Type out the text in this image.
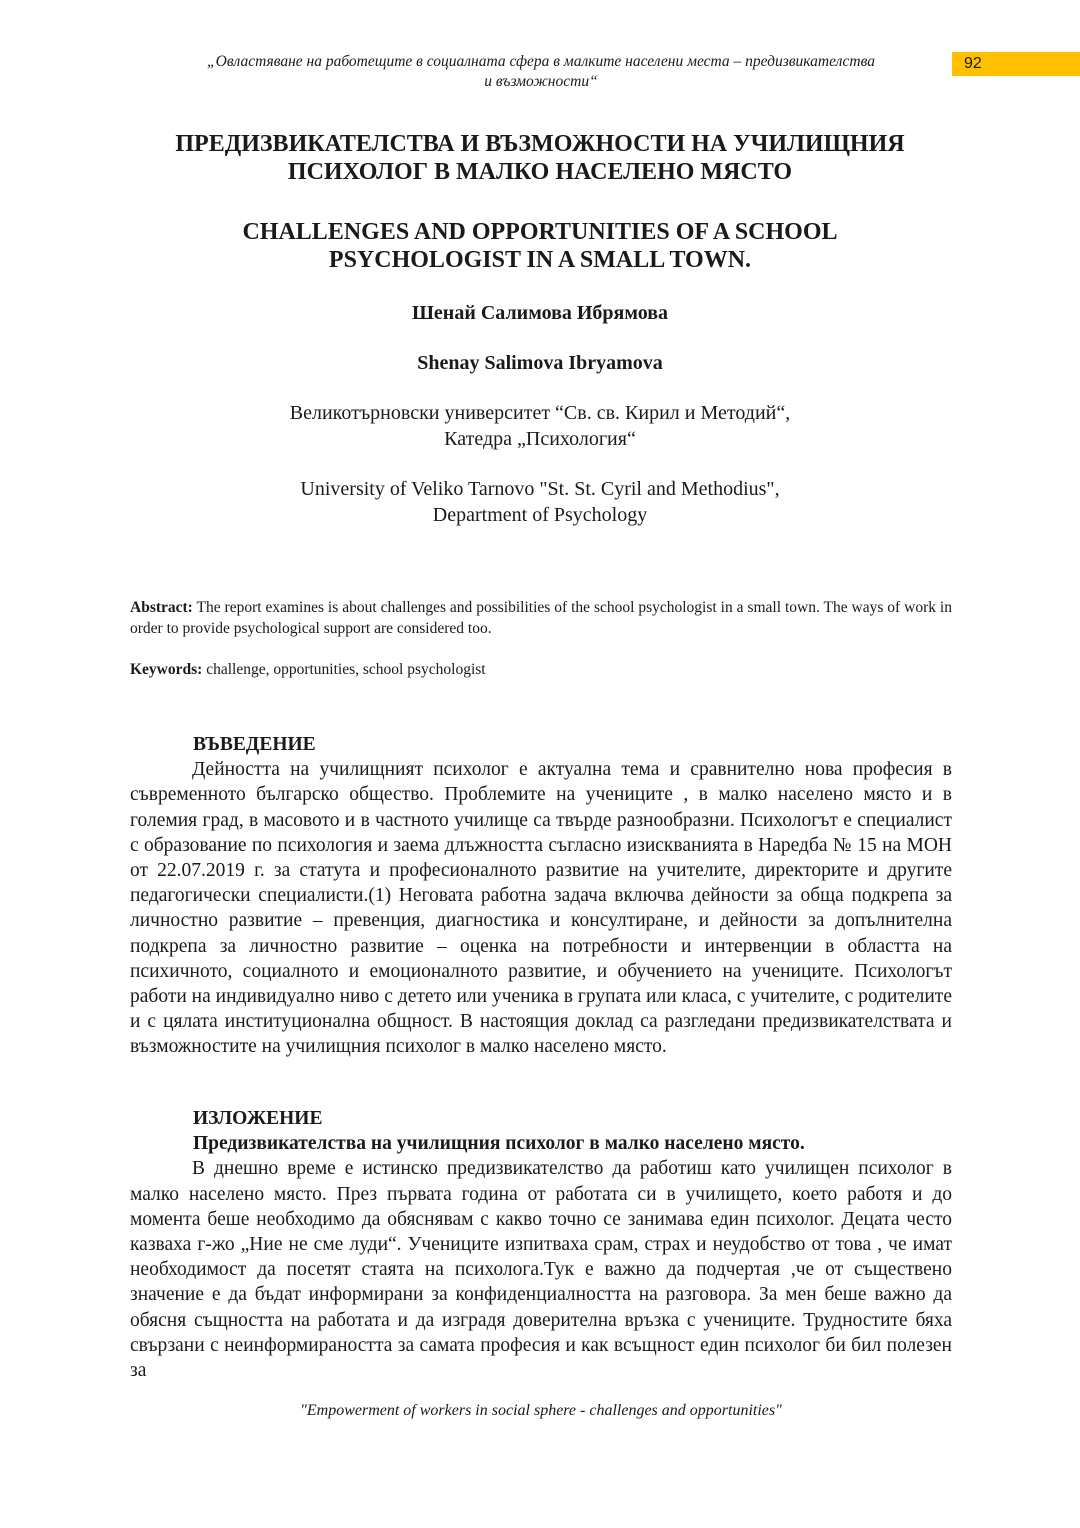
„Овластяване на работещите в социалната сфера в малките населени места – предизвикателства
и възможности“
92
ПРЕДИЗВИКАТЕЛСТВА И ВЪЗМОЖНОСТИ НА УЧИЛИЩНИЯ
ПСИХОЛОГ В МАЛКО НАСЕЛЕНО МЯСТО
CHALLENGES AND OPPORTUNITIES OF A SCHOOL
PSYCHOLOGIST IN A SMALL TOWN.
Шенай Салимова Ибрямова
Shenay Salimova Ibryamova
Великотърновски университет “Св. св. Кирил и Методий“,
Катедра „Психология“
University of Veliko Tarnovo "St. St. Cyril and Methodius",
Department of Psychology
Abstract: The report examines is about challenges and possibilities of the school psychologist in a small town. The ways of work in order to provide psychological support are considered too.
Keywords: challenge, opportunities, school psychologist
ВЪВЕДЕНИЕ

Дейността на училищният психолог е актуална тема и сравнително нова професия в съвременното българско общество. Проблемите на учениците , в малко населено място и в големия град, в масовото и в частното училище са твърде разнообразни. Психологът е специалист с образование по психология и заема длъжността съгласно изискванията в Наредба № 15 на МОН от 22.07.2019 г. за статута и професионалното развитие на учителите, директорите и другите педагогически специалисти.(1) Неговата работна задача включва дейности за обща подкрепа за личностно развитие – превенция, диагностика и консултиране, и дейности за допълнителна подкрепа за личностно развитие – оценка на потребности и интервенции в областта на психичното, социалното и емоционалното развитие, и обучението на учениците. Психологът работи на индивидуално ниво с детето или ученика в групата или класа, с учителите, с родителите и с цялата институционална общност. В настоящия доклад са разгледани предизвикателствата и възможностите на училищния психолог в малко населено място.

ИЗЛОЖЕНИЕ
Предизвикателства на училищния психолог в малко населено място.

В днешно време е истинско предизвикателство да работиш като училищен психолог в малко населено място. През първата година от работата си в училището, което работя и до момента беше необходимо да обяснявам с какво точно се занимава един психолог. Децата често казваха г-жо „Ние не сме луди“. Учениците изпитваха срам, страх и неудобство от това , че имат необходимост да посетят стаята на психолога.Тук е важно да подчертая ,че от съществено значение е да бъдат информирани за конфиденциалността на разговора. За мен беше важно да обясня същността на работата и да изградя доверителна връзка с учениците. Трудностите бяха свързани с неинформираността за самата професия и как всъщност един психолог би бил полезен за

"Empowerment of workers in social sphere - challenges and opportunities"
